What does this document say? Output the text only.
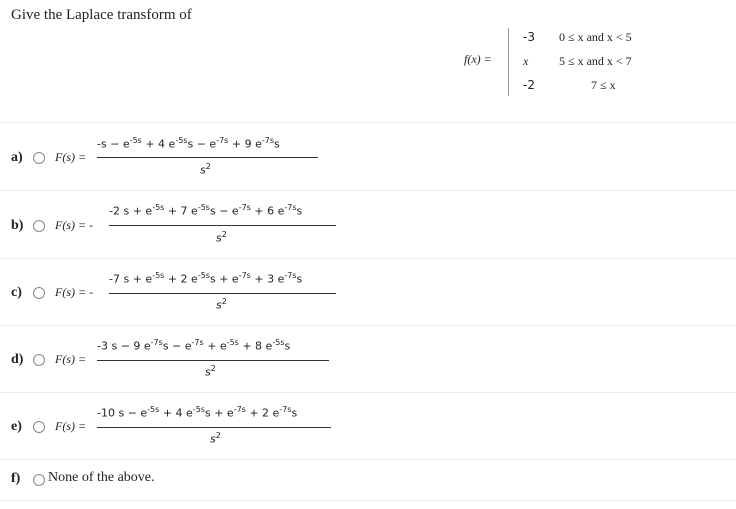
Give the Laplace transform of
f(x) =
-3 0 ≤ x and x < 5
x	5 ≤ x and x < 7
-2	7 ≤ x
a)	F(s) =
$-s - e^{-5s} + 4$ $e^{-5s}s - e^{-7s} + 9$ $e^{-7s}s$
$s^2$
b)	F(s) = -
-2 $s + e^{-5s} + 7$ $e^{-5s}s - e^{-7s} + 6$ $e^{-7s}s$
$s^2$
c)	F(s) = -
-7 $s + e^{-5s} + 2$ $e^{-5s}s + e^{-7s} + 3$ $e^{-7s}s$
$s^2$
d)	F(s) =
-3 s − 9 $e^{-7s}s - e^{-7s} + e^{-5s} + 8$ $e^{-5s}s$
$s^2$
e)	F(s) =
-10 $s - e^{-5s} + 4$ $e^{-5s}s + e^{-7s} + 2$ $e^{-7s}s$
$s^2$
f) None of the above.
